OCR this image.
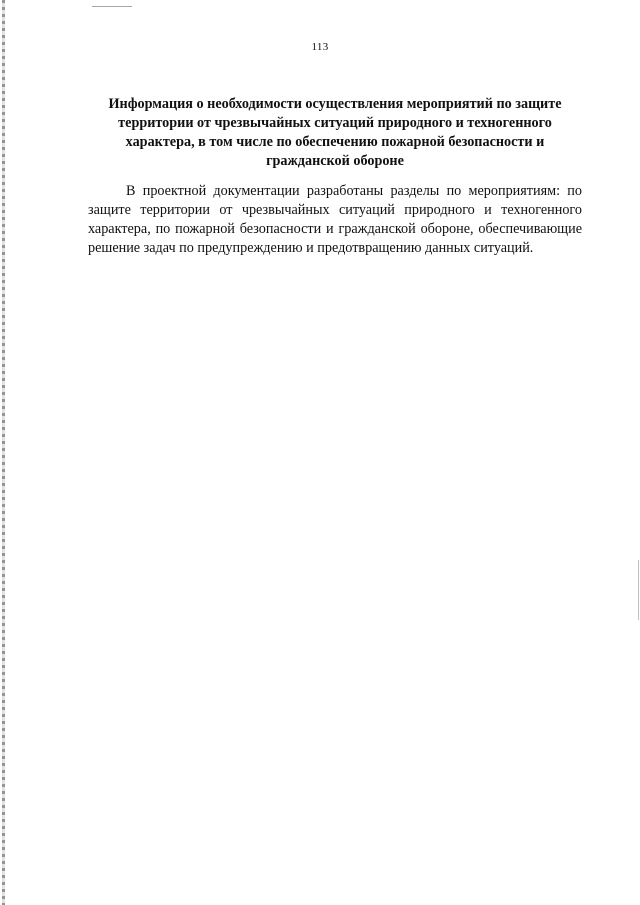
113
Информация о необходимости осуществления мероприятий по защите территории от чрезвычайных ситуаций природного и техногенного характера, в том числе по обеспечению пожарной безопасности и гражданской обороне

В проектной документации разработаны разделы по мероприятиям: по защите территории от чрезвычайных ситуаций природного и техногенного характера, по пожарной безопасности и гражданской обороне, обеспечивающие решение задач по предупреждению и предотвращению данных ситуаций.
